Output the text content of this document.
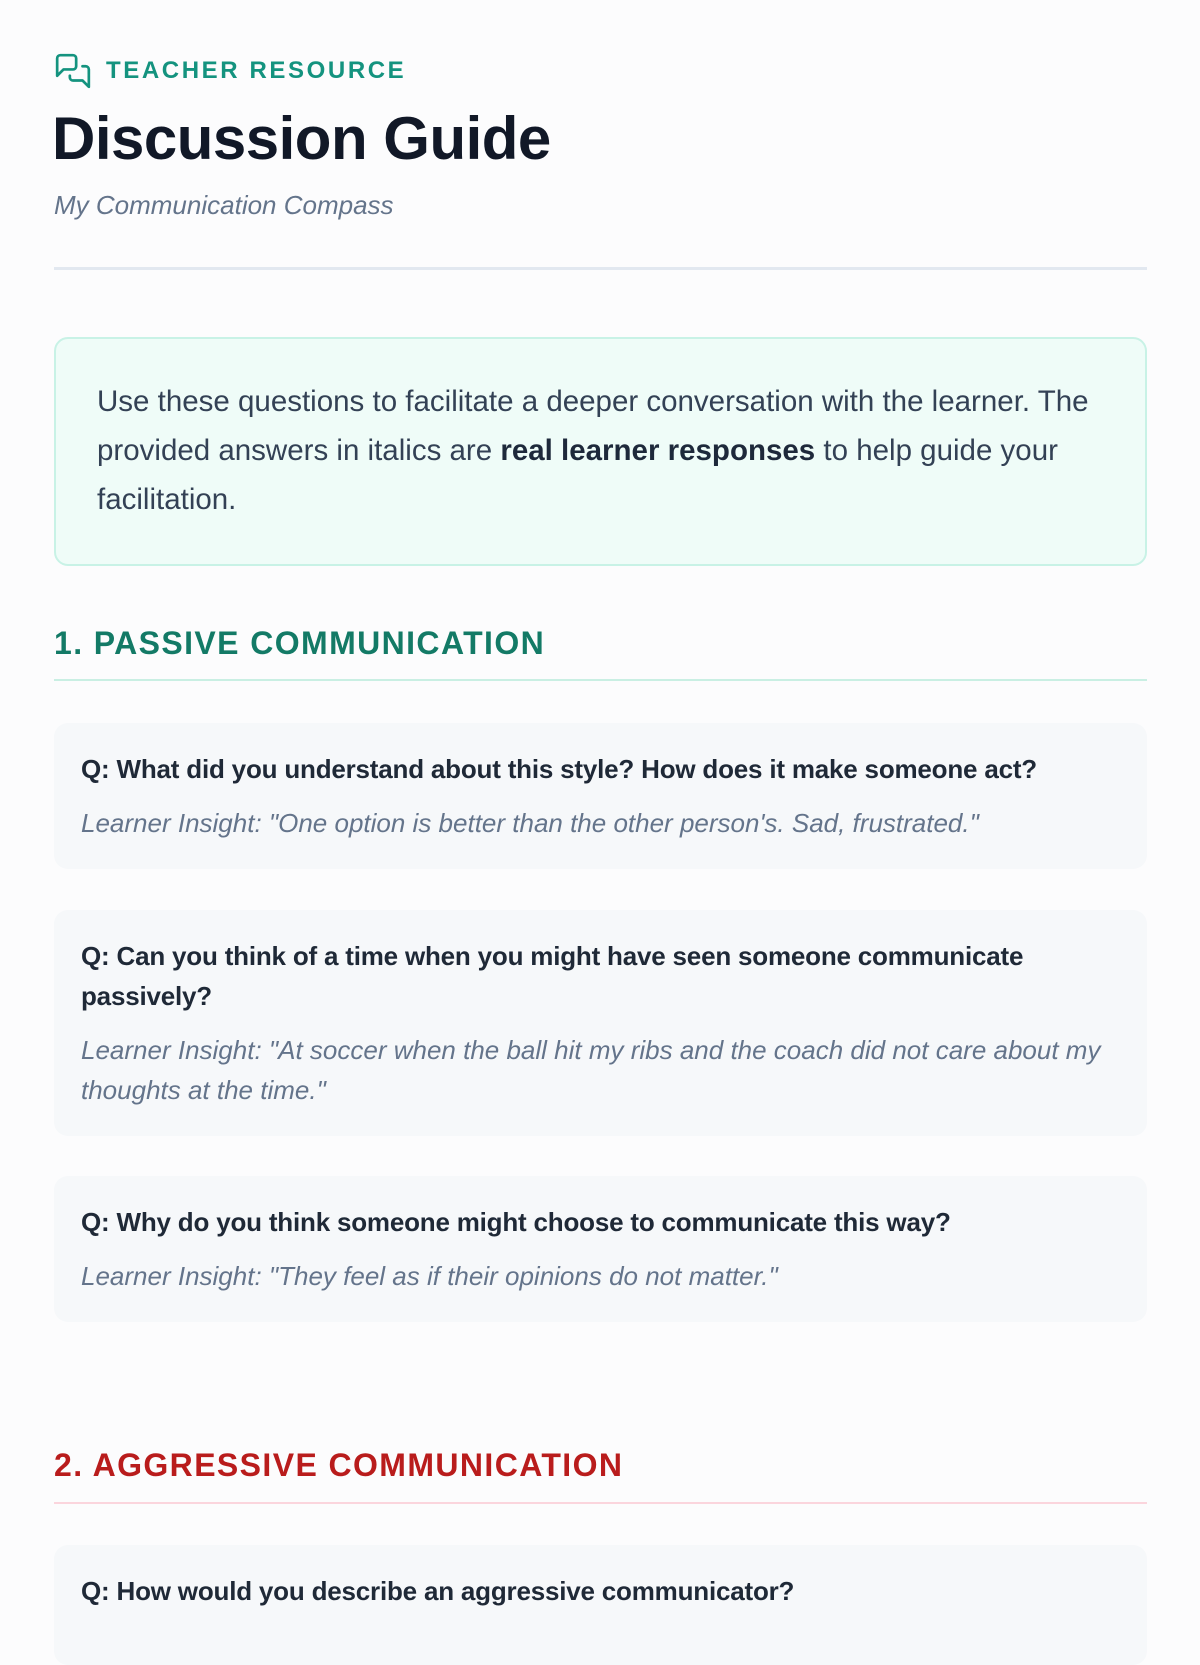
TEACHER RESOURCE
Discussion Guide
My Communication Compass
Use these questions to facilitate a deeper conversation with the learner. The provided answers in italics are real learner responses to help guide your facilitation.
1. PASSIVE COMMUNICATION
Q: What did you understand about this style? How does it make someone act?
Learner Insight: "One option is better than the other person's. Sad, frustrated."
Q: Can you think of a time when you might have seen someone communicate passively?
Learner Insight: "At soccer when the ball hit my ribs and the coach did not care about my thoughts at the time."
Q: Why do you think someone might choose to communicate this way?
Learner Insight: "They feel as if their opinions do not matter."
2. AGGRESSIVE COMMUNICATION
Q: How would you describe an aggressive communicator?
